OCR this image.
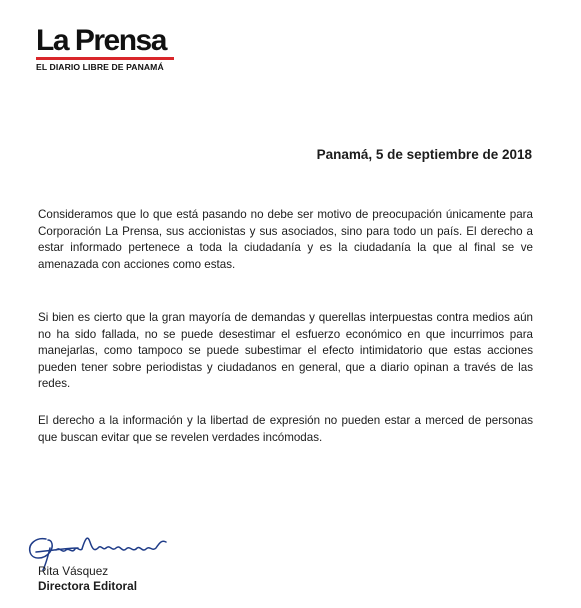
La Prensa
EL DIARIO LIBRE DE PANAMÁ
Panamá, 5 de septiembre de 2018

Consideramos que lo que está pasando no debe ser motivo de preocupación únicamente para Corporación La Prensa, sus accionistas y sus asociados, sino para todo un país. El derecho a estar informado pertenece a toda la ciudadanía y es la ciudadanía la que al final se ve amenazada con acciones como estas.

Si bien es cierto que la gran mayoría de demandas y querellas interpuestas contra medios aún no ha sido fallada, no se puede desestimar el esfuerzo económico en que incurrimos para manejarlas, como tampoco se puede subestimar el efecto intimidatorio que estas acciones pueden tener sobre periodistas y ciudadanos en general, que a diario opinan a través de las redes.

El derecho a la información y la libertad de expresión no pueden estar a merced de personas que buscan evitar que se revelen verdades incómodas.

Rita Vásquez
Directora Editoral
